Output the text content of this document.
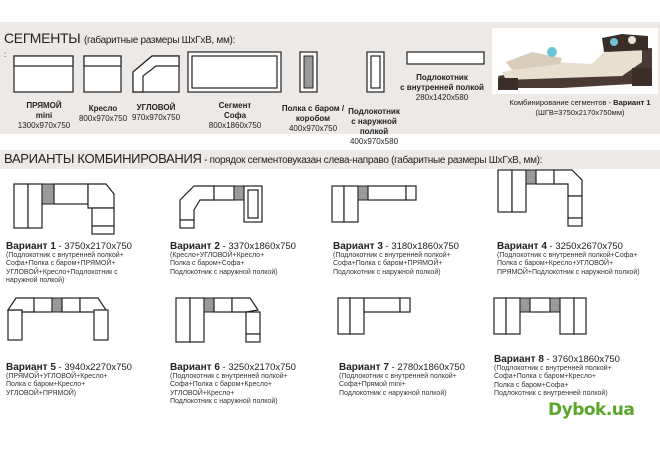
СЕГМЕНТЫ (габаритные размеры ШхГхВ, мм):
:
ПРЯМОЙ
mini
1300x970x750
Кресло
800x970x750
УГЛОВОЙ
970x970x750
Сегмент
Софа
800x1860x750
Полка с баром /
коробом
400x970x750
Подлокотник
с наружной полкой
400x970x580
Подлокотник
с внутренней полкой
280x1420x580
Комбинирование сегментов - Вариант 1
(ШГВ=3750x2170x750мм)
ВАРИАНТЫ КОМБИНИРОВАНИЯ - порядок сегментовуказан слева-направо (габаритные размеры ШхГхВ, мм):
Вариант 1 - 3750x2170x750
(Подлокотник с внутренней полкой+
Софа+Полка с баром+ПРЯМОЙ+
УГЛОВОЙ+Кресло+Подлокотник с
наружной полкой)
Вариант 2 - 3370x1860x750
(Кресло+УГЛОВОЙ+Кресло+
Полка с баром+Софа+
Подлокотник с наружной полкой)
Вариант 3 - 3180x1860x750
(Подлокотник с внутренней полкой+
Софа+Полка с баром+ПРЯМОЙ+
Подлокотник с наружной полкой)
Вариант 4 - 3250x2670x750
(Подлокотник с внутренней полкой+Софа+
Полка с баром+Кресло+УГЛОВОЙ+
ПРЯМОЙ+Подлокотник с наружной полкой)
Вариант 5 - 3940x2270x750
(ПРЯМОЙ+УГЛОВОЙ+Кресло+
Полка с баром+Кресло+
УГЛОВОЙ+ПРЯМОЙ)
Вариант 6 - 3250x2170x750
(Подлокотник с внутренней полкой+
Софа+Полка с баром+Кресло+
УГЛОВОЙ+Кресло+
Подлокотник с наружной полкой)
Вариант 7 - 2780x1860x750
(Подлокотник с внутренней полкой+
Софа+Прямой mini+
Подлокотник с наружной полкой)
Вариант 8 - 3760x1860x750
(Подлокотник с внутренней полкой+
Софа+Полка с баром+Кресло+
Полка с баром+Софа+
Подлокотник с внутренней полкой)
Dybok.ua
